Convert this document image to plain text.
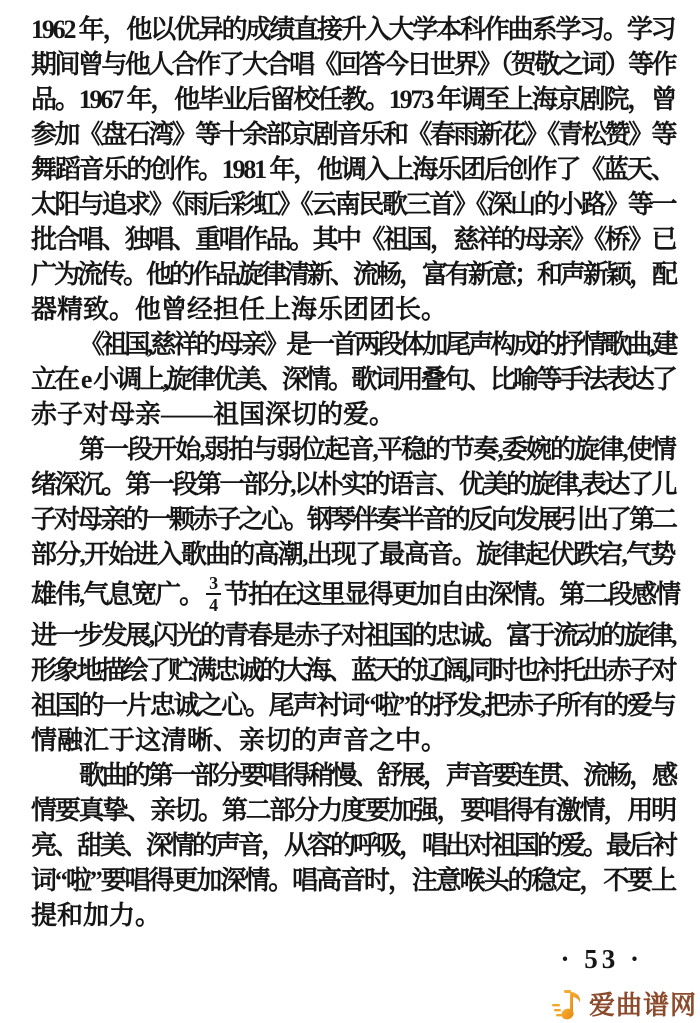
1962 年，他以优异的成绩直接升入大学本科作曲系学习。学习
期间曾与他人合作了大合唱《回答今日世界》（贺敬之词）等作
品。1967 年，他毕业后留校任教。1973 年调至上海京剧院，曾
参加《盘石湾》等十余部京剧音乐和《春雨新花》《青松赞》等
舞蹈音乐的创作。1981 年，他调入上海乐团后创作了《蓝天、
太阳与追求》《雨后彩虹》《云南民歌三首》《深山的小路》等一
批合唱、独唱、重唱作品。其中《祖国，慈祥的母亲》《桥》已
广为流传。他的作品旋律清新、流畅，富有新意；和声新颖，配
器精致。他曾经担任上海乐团团长。
《祖国,慈祥的母亲》是一首两段体加尾声构成的抒情歌曲,建
立在 e 小调上,旋律优美、深情。歌词用叠句、比喻等手法表达了
赤子对母亲——祖国深切的爱。
第一段开始,弱拍与弱位起音,平稳的节奏,委婉的旋律,使情
绪深沉。第一段第一部分,以朴实的语言、优美的旋律,表达了儿
子对母亲的一颗赤子之心。钢琴伴奏半音的反向发展引出了第二
部分,开始进入歌曲的高潮,出现了最高音。旋律起伏跌宕,气势
雄伟,气息宽广。 $\frac{3}{4}$ 节拍在这里显得更加自由深情。第二段感情
进一步发展,闪光的青春是赤子对祖国的忠诚。富于流动的旋律,
形象地描绘了贮满忠诚的大海、蓝天的辽阔,同时也衬托出赤子对
祖国的一片忠诚之心。尾声衬词“啦”的抒发,把赤子所有的爱与
情融汇于这清晰、亲切的声音之中。
歌曲的第一部分要唱得稍慢、舒展，声音要连贯、流畅，感
情要真挚、亲切。第二部分力度要加强，要唱得有激情，用明
亮、甜美、深情的声音，从容的呼吸，唱出对祖国的爱。最后衬
词“啦”要唱得更加深情。唱高音时，注意喉头的稳定，不要上
提和加力。
· 53 ·
爱曲谱网
